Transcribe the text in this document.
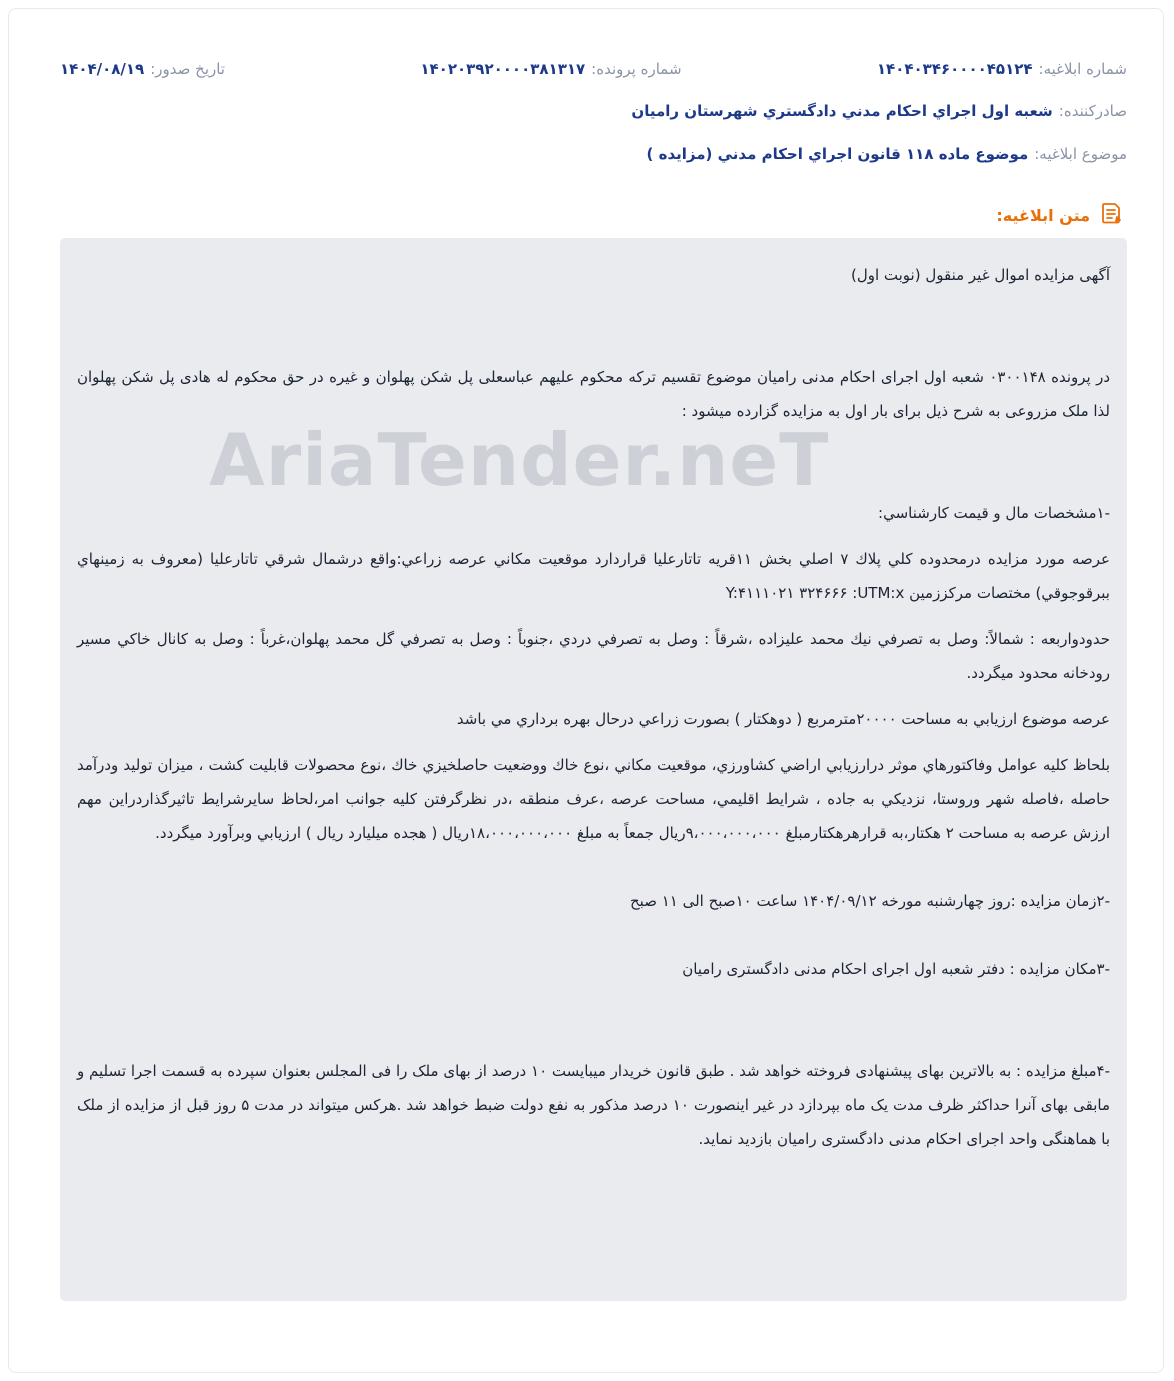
شماره ابلاغیه:
۱۴۰۴۰۳۴۶۰۰۰۰۴۵۱۲۴
شماره پرونده:
۱۴۰۲۰۳۹۲۰۰۰۰۳۸۱۳۱۷
تاریخ صدور:
۱۴۰۴/۰۸/۱۹
صادرکننده:
شعبه اول اجراي احكام مدني دادگستري شهرستان راميان
موضوع ابلاغیه:
موضوع ماده ۱۱۸ قانون اجراي احكام مدني (مزايده )
متن ابلاغیه:

آگهی مزایده اموال غیر منقول (نوبت اول)

در پرونده ۰۳۰۰۱۴۸ شعبه اول اجرای احکام مدنی رامیان موضوع تقسیم ترکه محکوم علیهم عباسعلی پل شکن پهلوان و غیره در حق محکوم له هادی پل شکن پهلوان لذا ملک مزروعی به شرح ذیل برای بار اول به مزایده گزارده میشود :

-۱مشخصات مال و قيمت كارشناسي:

عرصه مورد مزايده درمحدوده كلي پلاك ۷ اصلي بخش ۱۱قريه تاتارعليا قراردارد موقعيت مكاني عرصه زراعي:واقع درشمال شرقي تاتارعليا (معروف به زمينهاي ببرقوجوقي) مختصات مركززمين Y:۴۱۱۱۰۲۱ ۳۲۴۶۶۶ :UTM:x

حدودواربعه : شمالاً: وصل به تصرفي نيك محمد عليزاده ،شرقاً : وصل به تصرفي دردي ،جنوباً : وصل به تصرفي گل محمد پهلوان،غرباً : وصل به كانال خاكي مسير رودخانه محدود ميگردد.

عرصه موضوع ارزيابي به مساحت ۲۰۰۰۰مترمربع ( دوهكتار ) بصورت زراعي درحال بهره برداري مي باشد

بلحاظ كليه عوامل وفاكتورهاي موثر درارزيابي اراضي كشاورزي، موقعيت مكاني ،نوع خاك ووضعيت حاصلخيزي خاك ،نوع محصولات قابليت كشت ، ميزان توليد ودرآمد حاصله ،فاصله شهر وروستا، نزديكي به جاده ، شرايط اقليمي، مساحت عرصه ،عرف منطقه ،در نظرگرفتن كليه جوانب امر،لحاظ سايرشرايط تاثيرگذاردراين مهم ارزش عرصه به مساحت ۲ هكتار،به قرارهرهكتارمبلغ ۹،۰۰۰،۰۰۰،۰۰۰ريال جمعاً به مبلغ ۱۸،۰۰۰،۰۰۰،۰۰۰ريال ( هجده ميليارد ريال ) ارزيابي وبرآورد ميگردد.

-۲زمان مزایده :روز چهارشنبه مورخه ۱۴۰۴/۰۹/۱۲ ساعت ۱۰صبح الی ۱۱ صبح

-۳مکان مزایده : دفتر شعبه اول اجرای احکام مدنی دادگستری رامیان

-۴مبلغ مزایده : به بالاترین بهای پیشنهادی فروخته خواهد شد . طبق قانون خریدار میبایست ۱۰ درصد از بهای ملک را فی المجلس بعنوان سپرده به قسمت اجرا تسلیم و مابقی بهای آنرا حداکثر ظرف مدت یک ماه بپردازد در غیر اینصورت ۱۰ درصد مذکور به نفع دولت ضبط خواهد شد .هرکس میتواند در مدت ۵ روز قبل از مزایده از ملک با هماهنگی واحد اجرای احکام مدنی دادگستری رامیان بازدید نماید.

AriaTender.neT
